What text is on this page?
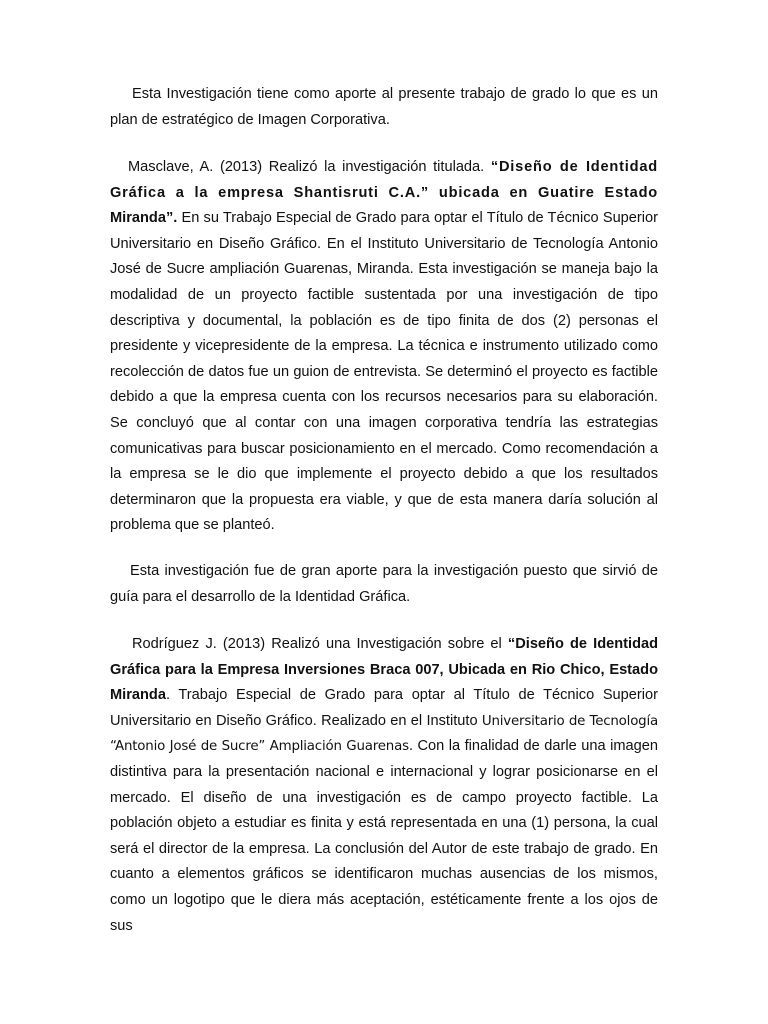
Esta Investigación tiene como aporte al presente trabajo de grado lo que es un plan de estratégico de Imagen Corporativa.

Masclave, A. (2013) Realizó la investigación titulada. “Diseño de Identidad Gráfica a la empresa Shantisruti C.A.” ubicada en Guatire Estado Miranda”. En su Trabajo Especial de Grado para optar el Título de Técnico Superior Universitario en Diseño Gráfico. En el Instituto Universitario de Tecnología Antonio José de Sucre ampliación Guarenas, Miranda. Esta investigación se maneja bajo la modalidad de un proyecto factible sustentada por una investigación de tipo descriptiva y documental, la población es de tipo finita de dos (2) personas el presidente y vicepresidente de la empresa. La técnica e instrumento utilizado como recolección de datos fue un guion de entrevista. Se determinó el proyecto es factible debido a que la empresa cuenta con los recursos necesarios para su elaboración. Se concluyó que al contar con una imagen corporativa tendría las estrategias comunicativas para buscar posicionamiento en el mercado. Como recomendación a la empresa se le dio que implemente el proyecto debido a que los resultados determinaron que la propuesta era viable, y que de esta manera daría solución al problema que se planteó.

Esta investigación fue de gran aporte para la investigación puesto que sirvió de guía para el desarrollo de la Identidad Gráfica.

Rodríguez J. (2013) Realizó una Investigación sobre el “Diseño de Identidad Gráfica para la Empresa Inversiones Braca 007, Ubicada en Rio Chico, Estado Miranda. Trabajo Especial de Grado para optar al Título de Técnico Superior Universitario en Diseño Gráfico. Realizado en el Instituto Universitario de Tecnología “Antonio José de Sucre” Ampliación Guarenas. Con la finalidad de darle una imagen distintiva para la presentación nacional e internacional y lograr posicionarse en el mercado. El diseño de una investigación es de campo proyecto factible. La población objeto a estudiar es finita y está representada en una (1) persona, la cual será el director de la empresa. La conclusión del Autor de este trabajo de grado. En cuanto a elementos gráficos se identificaron muchas ausencias de los mismos, como un logotipo que le diera más aceptación, estéticamente frente a los ojos de sus
